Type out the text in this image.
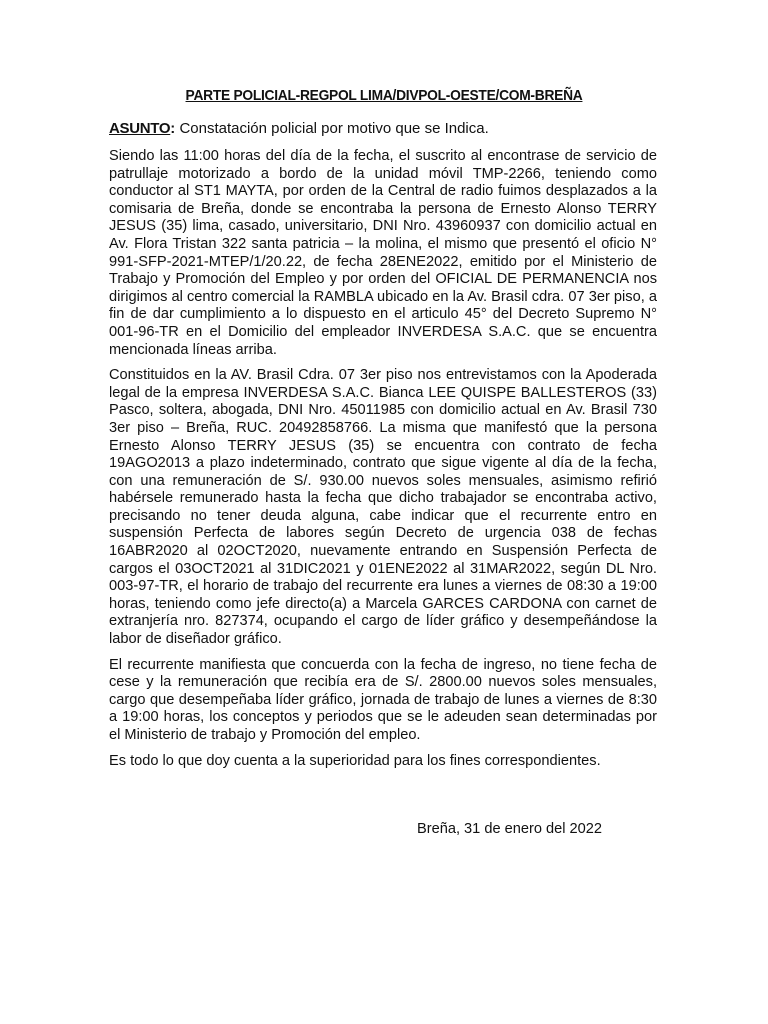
PARTE POLICIAL-REGPOL LIMA/DIVPOL-OESTE/COM-BREÑA
ASUNTO: Constatación policial por motivo que se Indica.

Siendo las 11:00 horas del día de la fecha, el suscrito al encontrase de servicio de patrullaje motorizado a bordo de la unidad móvil TMP-2266, teniendo como conductor al ST1 MAYTA, por orden de la Central de radio fuimos desplazados a la comisaria de Breña, donde se encontraba la persona de Ernesto Alonso TERRY JESUS (35) lima, casado, universitario, DNI Nro. 43960937 con domicilio actual en Av. Flora Tristan 322 santa patricia – la molina, el mismo que presentó el oficio N° 991-SFP-2021-MTEP/1/20.22, de fecha 28ENE2022, emitido por el Ministerio de Trabajo y Promoción del Empleo y por orden del OFICIAL DE PERMANENCIA nos dirigimos al centro comercial la RAMBLA ubicado en la Av. Brasil cdra. 07 3er piso, a fin de dar cumplimiento a lo dispuesto en el articulo 45° del Decreto Supremo N° 001-96-TR en el Domicilio del empleador INVERDESA S.A.C. que se encuentra mencionada líneas arriba.

Constituidos en la AV. Brasil Cdra. 07 3er piso nos entrevistamos con la Apoderada legal de la empresa INVERDESA S.A.C. Bianca LEE QUISPE BALLESTEROS (33) Pasco, soltera, abogada, DNI Nro. 45011985 con domicilio actual en Av. Brasil 730 3er piso – Breña, RUC. 20492858766. La misma que manifestó que la persona Ernesto Alonso TERRY JESUS (35) se encuentra con contrato de fecha 19AGO2013 a plazo indeterminado, contrato que sigue vigente al día de la fecha, con una remuneración de S/. 930.00 nuevos soles mensuales, asimismo refirió habérsele remunerado hasta la fecha que dicho trabajador se encontraba activo, precisando no tener deuda alguna, cabe indicar que el recurrente entro en suspensión Perfecta de labores según Decreto de urgencia 038 de fechas 16ABR2020 al 02OCT2020, nuevamente entrando en Suspensión Perfecta de cargos el 03OCT2021 al 31DIC2021 y 01ENE2022 al 31MAR2022, según DL Nro. 003-97-TR, el horario de trabajo del recurrente era lunes a viernes de 08:30 a 19:00 horas, teniendo como jefe directo(a) a Marcela GARCES CARDONA con carnet de extranjería nro. 827374, ocupando el cargo de líder gráfico y desempeñándose la labor de diseñador gráfico.

El recurrente manifiesta que concuerda con la fecha de ingreso, no tiene fecha de cese y la remuneración que recibía era de S/. 2800.00 nuevos soles mensuales, cargo que desempeñaba líder gráfico, jornada de trabajo de lunes a viernes de 8:30 a 19:00 horas, los conceptos y periodos que se le adeuden sean determinadas por el Ministerio de trabajo y Promoción del empleo.

Es todo lo que doy cuenta a la superioridad para los fines correspondientes.

Breña, 31 de enero del 2022
